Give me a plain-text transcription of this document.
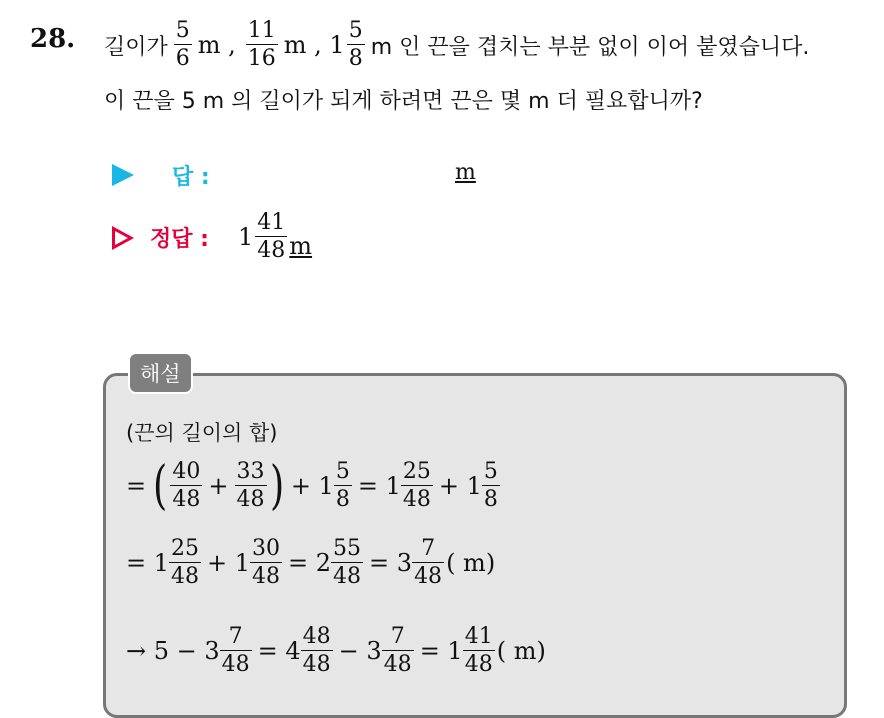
28. 길이가 $\frac{5}{6}$ m , $\frac{11}{16}$ m , $1 \frac{5}{8}$ m 인 끈을 겹치는 부분 없이 이어 붙였습니다.
이 끈을 5 m 의 길이가 되게 하려면 끈은 몇 m 더 필요합니까?
답 :	m
정답 : $1 \frac{41}{48}$ m
해설
(끈의 길이의 합)
= ( $\frac{40}{48} + \frac{33}{48}$ ) + $1 \frac{5}{8} = 1 \frac{25}{48} + 1 \frac{5}{8}$
= $1 \frac{25}{48} + 1 \frac{30}{48} = 2 \frac{55}{48} = 3 \frac{7}{48}$ ( m)
→ $5 - 3 \frac{7}{48} = 4 \frac{48}{48} - 3 \frac{7}{48} = 1 \frac{41}{48}$ ( m)
